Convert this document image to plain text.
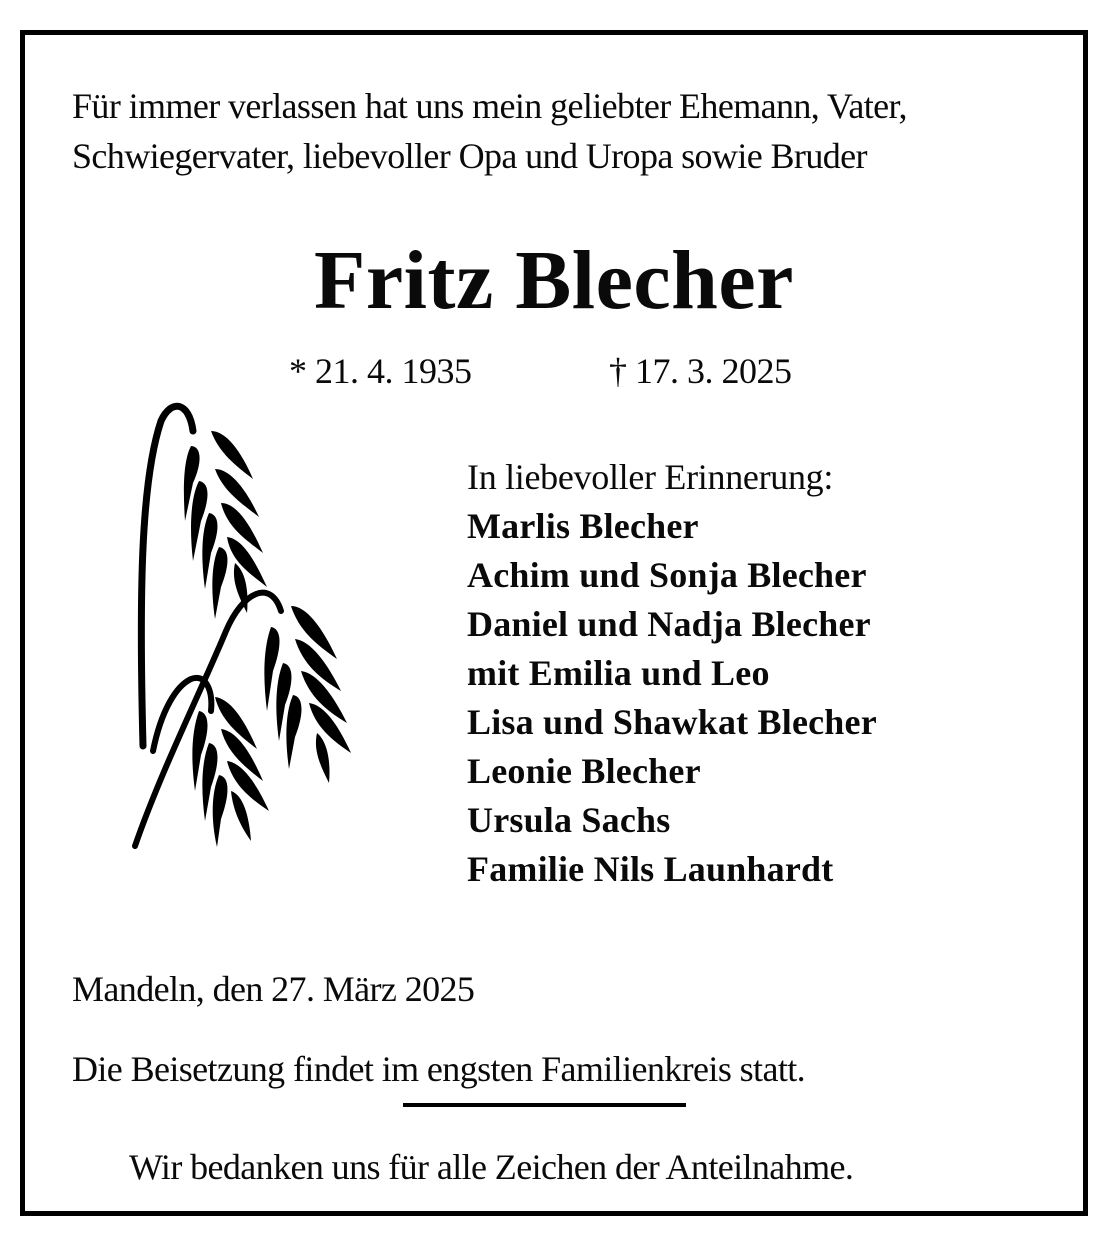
Für immer verlassen hat uns mein geliebter Ehemann, Vater, Schwiegervater, liebevoller Opa und Uropa sowie Bruder
Fritz Blecher
* 21. 4. 1935	† 17. 3. 2025
In liebevoller Erinnerung:
Marlis Blecher
Achim und Sonja Blecher
Daniel und Nadja Blecher
mit Emilia und Leo
Lisa und Shawkat Blecher
Leonie Blecher
Ursula Sachs
Familie Nils Launhardt
Mandeln, den 27. März 2025
Die Beisetzung findet im engsten Familienkreis statt.
Wir bedanken uns für alle Zeichen der Anteilnahme.
